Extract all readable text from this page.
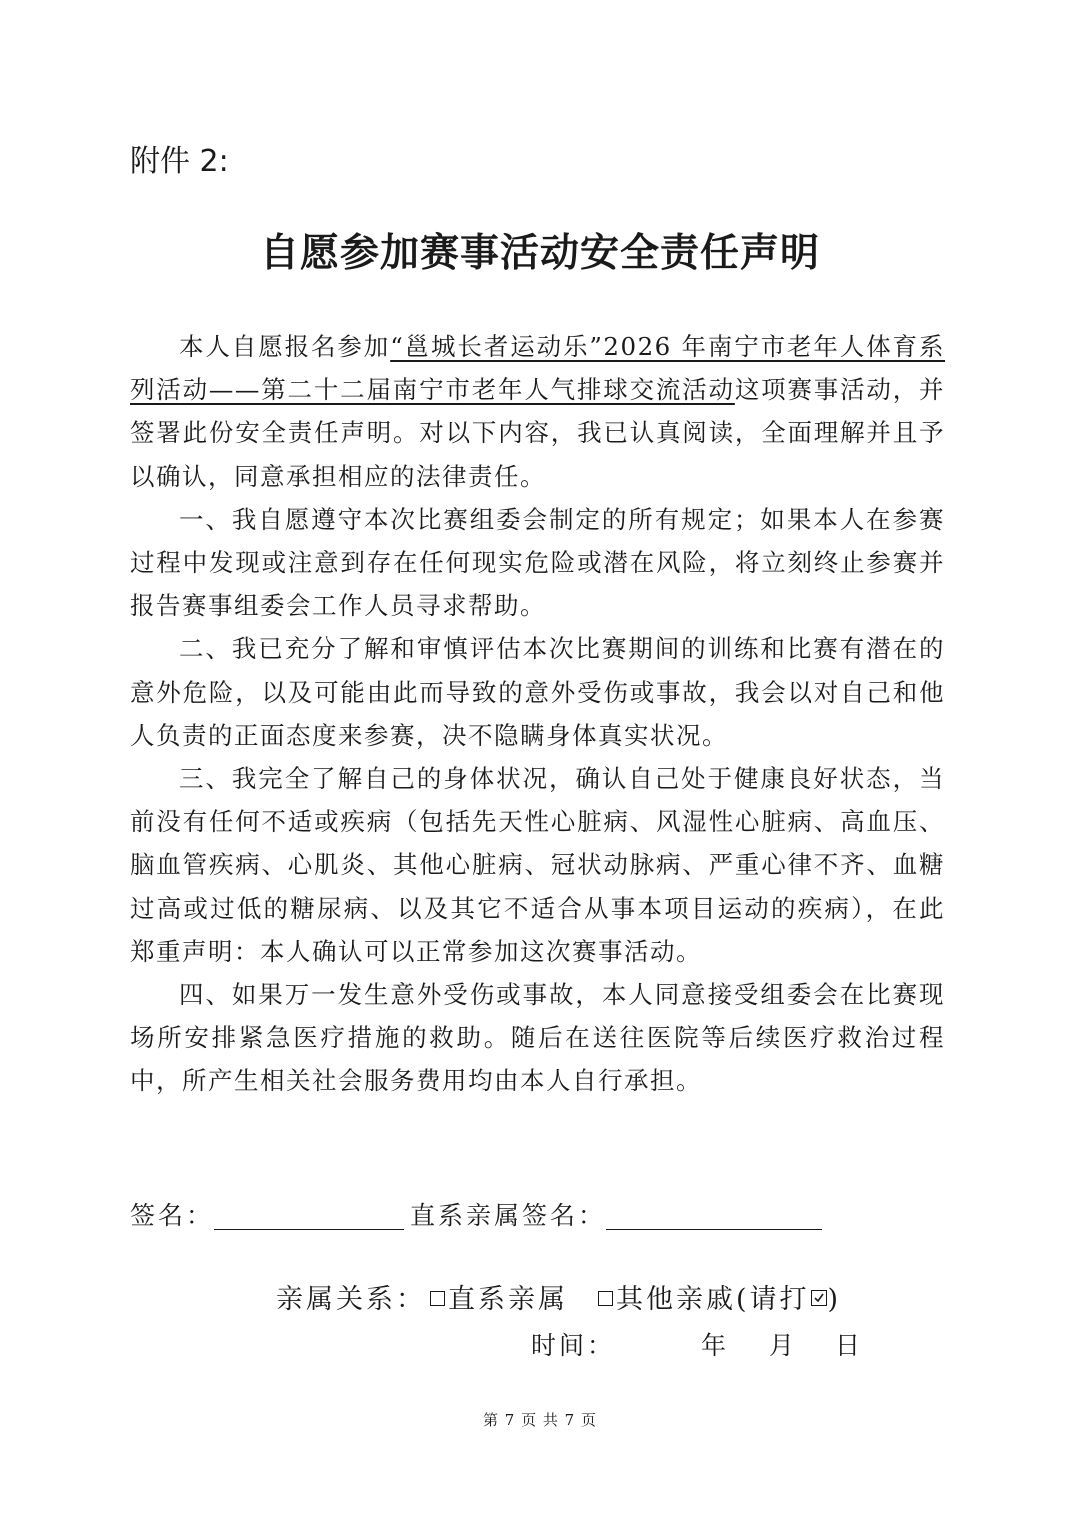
附件 2:
自愿参加赛事活动安全责任声明

本人自愿报名参加“邕城长者运动乐”2026 年南宁市老年人体育系列活动——第二十二届南宁市老年人气排球交流活动这项赛事活动，并签署此份安全责任声明。对以下内容，我已认真阅读，全面理解并且予以确认，同意承担相应的法律责任。

一、我自愿遵守本次比赛组委会制定的所有规定；如果本人在参赛过程中发现或注意到存在任何现实危险或潜在风险，将立刻终止参赛并报告赛事组委会工作人员寻求帮助。

二、我已充分了解和审慎评估本次比赛期间的训练和比赛有潜在的意外危险，以及可能由此而导致的意外受伤或事故，我会以对自己和他人负责的正面态度来参赛，决不隐瞒身体真实状况。

三、我完全了解自己的身体状况，确认自己处于健康良好状态，当前没有任何不适或疾病（包括先天性心脏病、风湿性心脏病、高血压、脑血管疾病、心肌炎、其他心脏病、冠状动脉病、严重心律不齐、血糖过高或过低的糖尿病、以及其它不适合从事本项目运动的疾病），在此郑重声明：本人确认可以正常参加这次赛事活动。

四、如果万一发生意外受伤或事故，本人同意接受组委会在比赛现场所安排紧急医疗措施的救助。随后在送往医院等后续医疗救治过程中，所产生相关社会服务费用均由本人自行承担。

签名：	直系亲属签名：
亲属关系： 直系亲属 其他亲戚(请打 )
时间：	年 月 日
第 7 页 共 7 页
